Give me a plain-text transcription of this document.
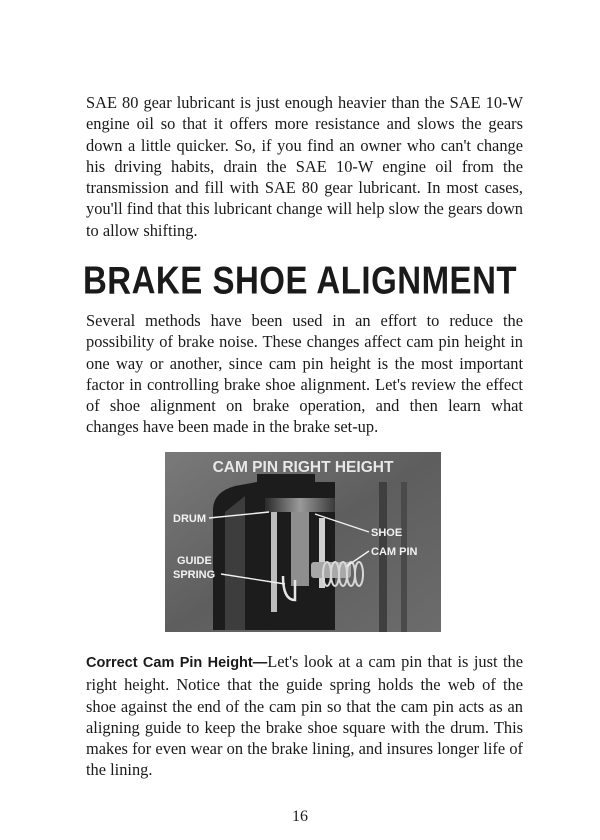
SAE 80 gear lubricant is just enough heavier than the SAE 10-W engine oil so that it offers more resistance and slows the gears down a little quicker. So, if you find an owner who can't change his driving habits, drain the SAE 10-W engine oil from the transmission and fill with SAE 80 gear lubricant. In most cases, you'll find that this lubricant change will help slow the gears down to allow shifting.

BRAKE SHOE ALIGNMENT

Several methods have been used in an effort to reduce the possibility of brake noise. These changes affect cam pin height in one way or another, since cam pin height is the most important factor in controlling brake shoe alignment. Let's review the effect of shoe alignment on brake operation, and then learn what changes have been made in the brake set-up.

CAM PIN RIGHT HEIGHT
DRUM
GUIDE
SPRING
SHOE
CAM PIN

Correct Cam Pin Height—Let's look at a cam pin that is just the right height. Notice that the guide spring holds the web of the shoe against the end of the cam pin so that the cam pin acts as an aligning guide to keep the brake shoe square with the drum. This makes for even wear on the brake lining, and insures longer life of the lining.

16
